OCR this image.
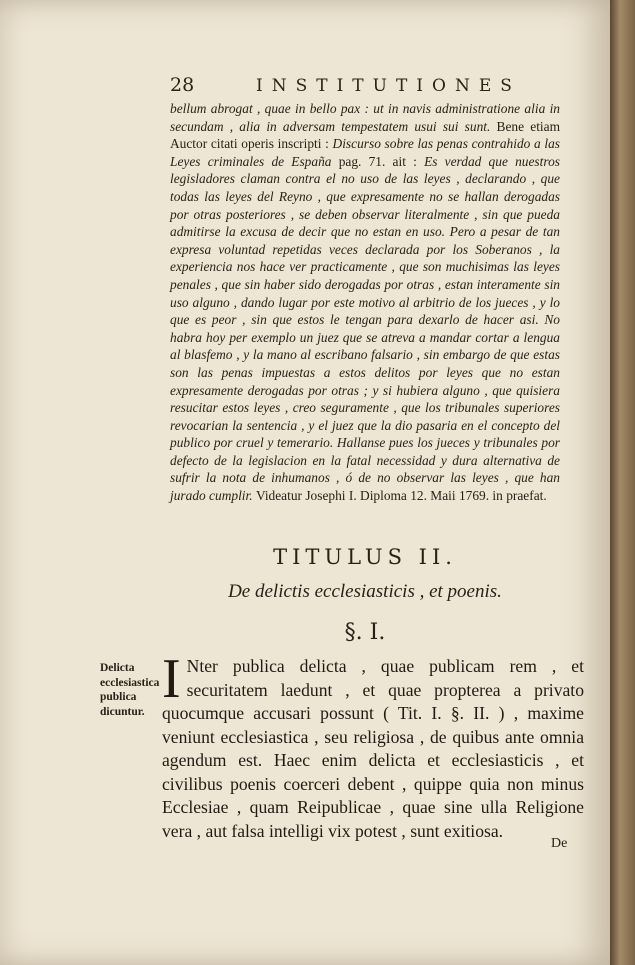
28	INSTITUTIONES
bellum abrogat , quae in bello pax : ut in navis administratione alia in secundam , alia in adversam tempestatem usui sui sunt. Bene etiam Auctor citati operis inscripti : Discurso sobre las penas contrahido a las Leyes criminales de España pag. 71. ait : Es verdad que nuestros legisladores claman contra el no uso de las leyes , declarando , que todas las leyes del Reyno , que expresamente no se hallan derogadas por otras posteriores , se deben observar literalmente , sin que pueda admitirse la excusa de decir que no estan en uso. Pero a pesar de tan expresa voluntad repetidas veces declarada por los Soberanos , la experiencia nos hace ver practicamente , que son muchisimas las leyes penales , que sin haber sido derogadas por otras , estan interamente sin uso alguno , dando lugar por este motivo al arbitrio de los jueces , y lo que es peor , sin que estos le tengan para dexarlo de hacer asi. No habra hoy per exemplo un juez que se atreva a mandar cortar a lengua al blasfemo , y la mano al escribano falsario , sin embargo de que estas son las penas impuestas a estos delitos por leyes que no estan expresamente derogadas por otras ; y si hubiera alguno , que quisiera resucitar estos leyes , creo seguramente , que los tribunales superiores revocarian la sentencia , y el juez que la dio pasaria en el concepto del publico por cruel y temerario. Hallanse pues los jueces y tribunales por defecto de la legislacion en la fatal necessidad y dura alternativa de sufrir la nota de inhumanos , ó de no observar las leyes , que han jurado cumplir. Videatur Josephi I. Diploma 12. Maii 1769. in praefat.
TITULUS II.
De delictis ecclesiasticis , et poenis.
§. I.
Delicta ecclesiastica publica dicuntur.
I Nter publica delicta , quae publicam rem , et securitatem laedunt , et quae propterea a privato quocumque accusari possunt ( Tit. I. §. II. ) , maxime veniunt ecclesiastica , seu religiosa , de quibus ante omnia agendum est. Haec enim delicta et ecclesiasticis , et civilibus poenis coerceri debent , quippe quia non minus Ecclesiae , quam Reipublicae , quae sine ulla Religione vera , aut falsa intelligi vix potest , sunt exitiosa.
De
